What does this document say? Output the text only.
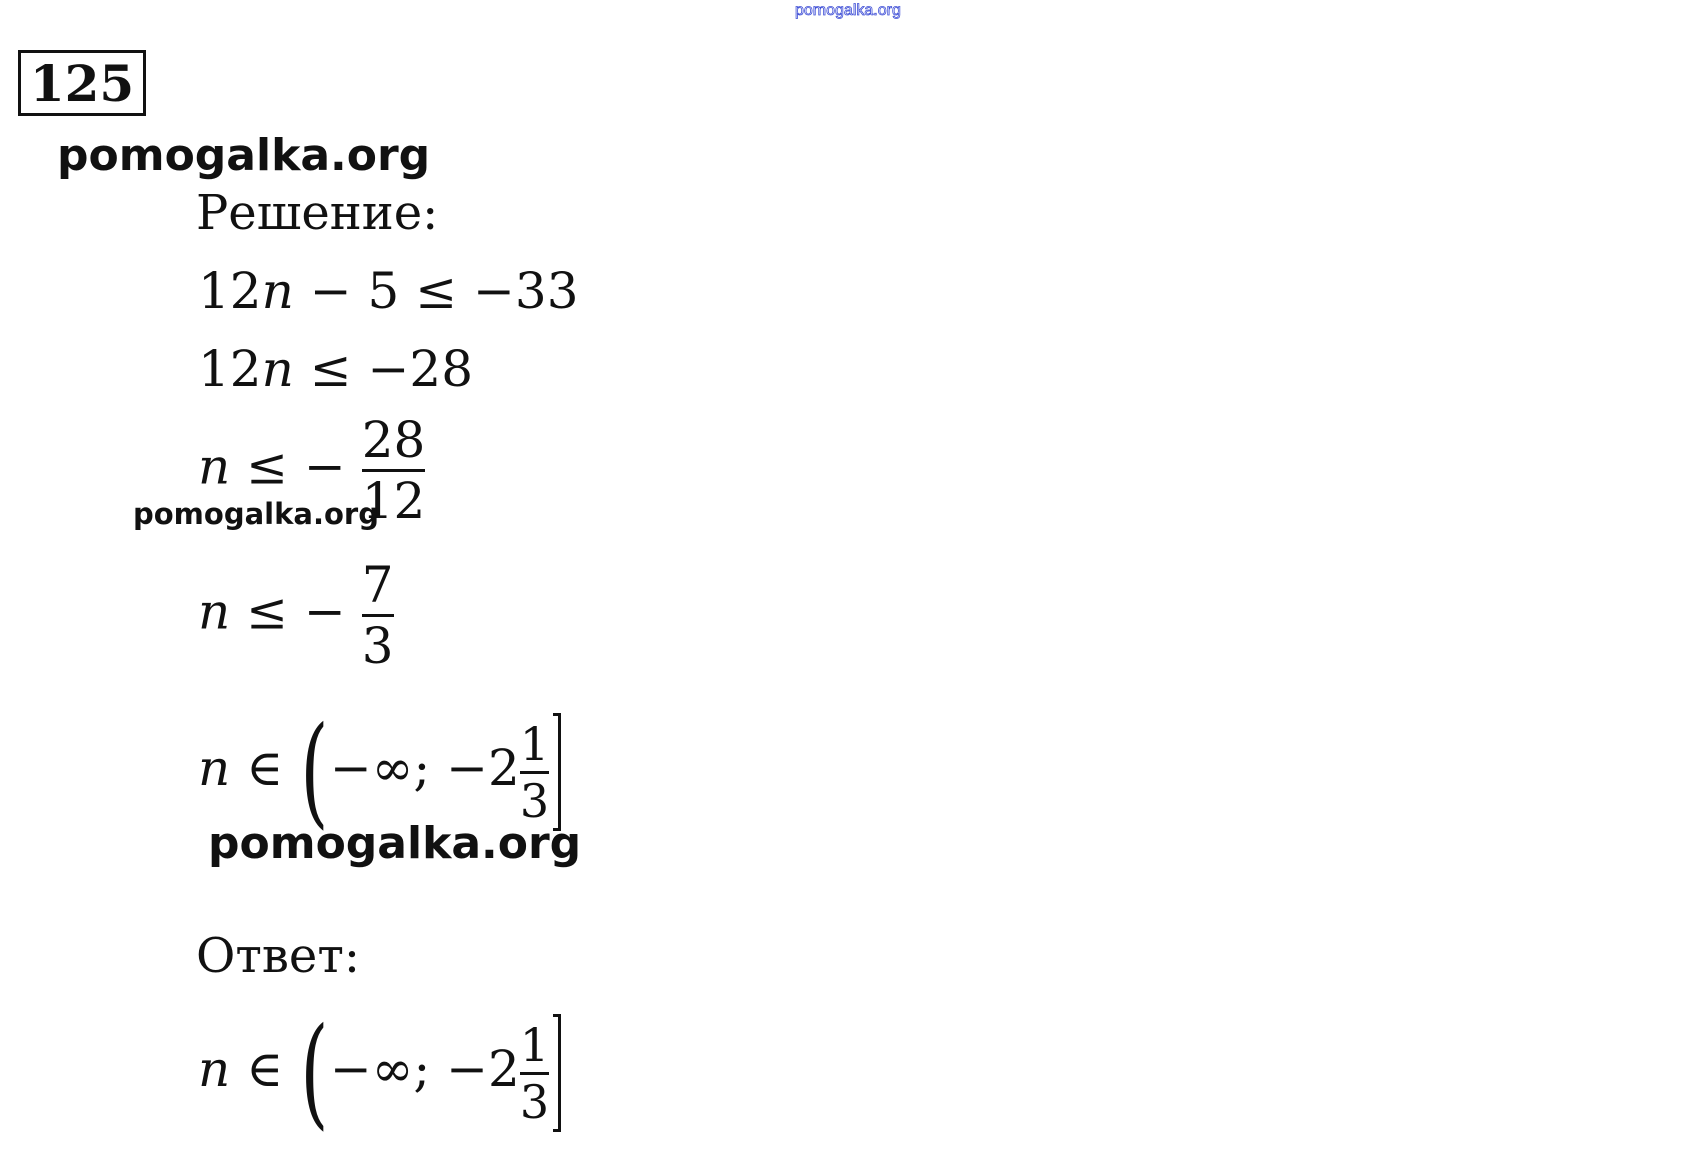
pomogalka.org
125
pomogalka.org
Решение:
12n − 5 ≤ −33
12n ≤ −28
n ≤ − $\frac{28}{12}$
pomogalka.org
n ≤ − $\frac{7}{3}$
n ∈ (−∞; $-2 \frac{1}{3}$
pomogalka.org
Ответ:
n ∈ (−∞; $-2 \frac{1}{3}$
